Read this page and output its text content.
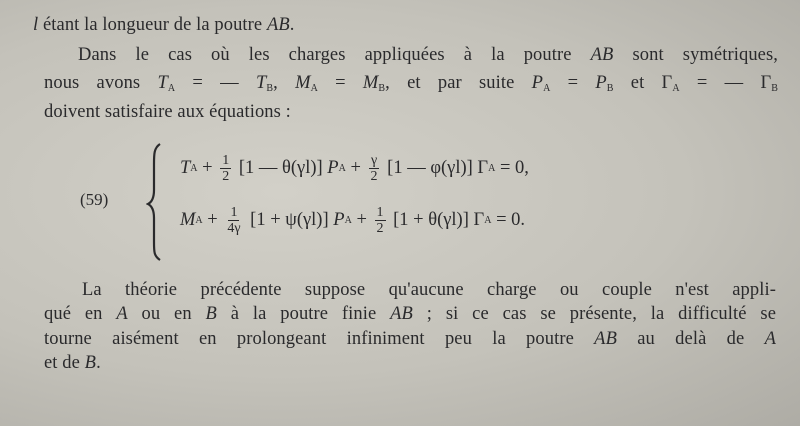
l étant la longueur de la poutre AB.
Dans le cas où les charges appliquées à la poutre AB sont symétriques,
nous avons $T_A$ = — $T_B$, $M_A = M_B$, et par suite $P_A = P_B$ et $\Gamma_A$ = — $\Gamma_B$
doivent satisfaire aux équations :
(59)
T $A + \frac{1}{2} [1$ — θ(γl)] P $A + \frac{\gamma}{2} [1$ — φ(γl)] Γ A = 0,
M $A + \frac{1}{4\gamma} [1 + \psi(\gamma l)]$ P $A + \frac{1}{2} [1 + \theta(\gamma l)]$ Γ A = 0.
La théorie précédente suppose qu'aucune charge ou couple n'est appli-
qué en A ou en B à la poutre finie AB ; si ce cas se présente, la difficulté se
tourne aisément en prolongeant infiniment peu la poutre AB au delà de A
et de B.
